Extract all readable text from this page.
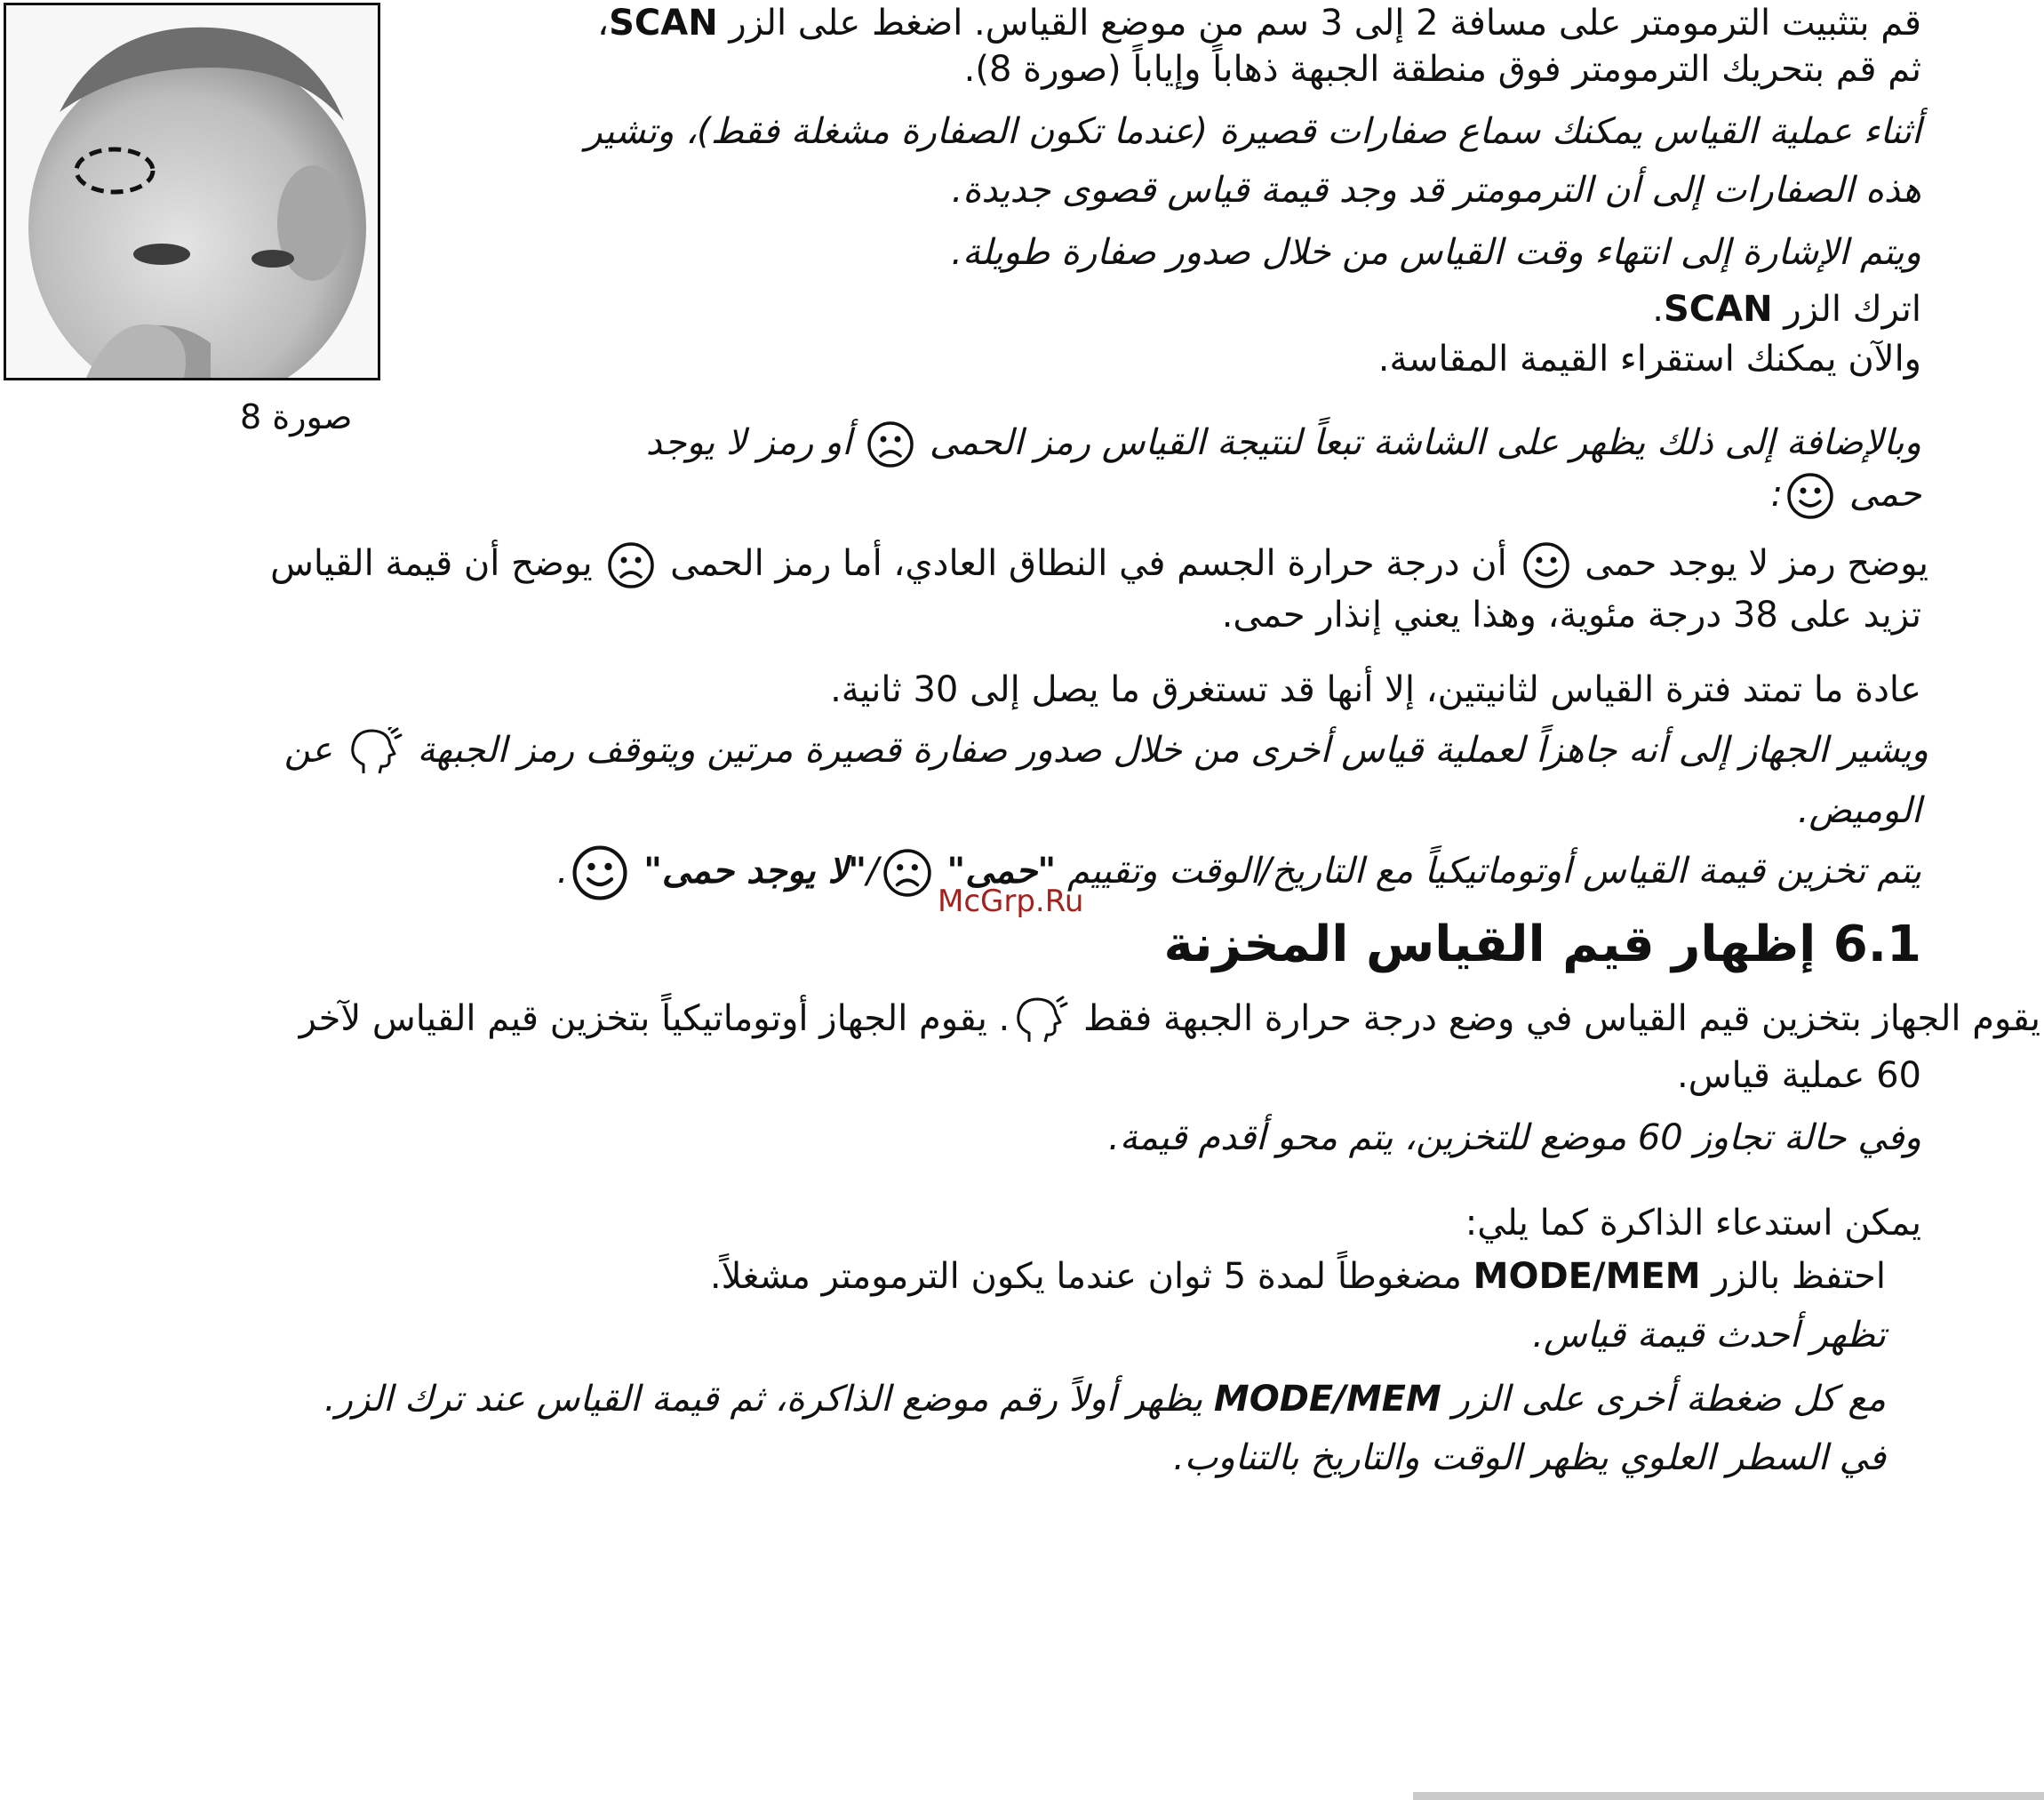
صورة 8
قم بتثبيت الترمومتر على مسافة 2 إلى 3 سم من موضع القياس. اضغط على الزر SCAN،
ثم قم بتحريك الترمومتر فوق منطقة الجبهة ذهاباً وإياباً (صورة 8).
أثناء عملية القياس يمكنك سماع صفارات قصيرة (عندما تكون الصفارة مشغلة فقط)، وتشير
هذه الصفارات إلى أن الترمومتر قد وجد قيمة قياس قصوى جديدة.
ويتم الإشارة إلى انتهاء وقت القياس من خلال صدور صفارة طويلة.
اترك الزر SCAN.
والآن يمكنك استقراء القيمة المقاسة.
وبالإضافة إلى ذلك يظهر على الشاشة تبعاً لنتيجة القياس رمز الحمى  أو رمز لا يوجد
حمى :
يوضح رمز لا يوجد حمى  أن درجة حرارة الجسم في النطاق العادي، أما رمز الحمى  يوضح أن قيمة القياس
تزيد على 38 درجة مئوية، وهذا يعني إنذار حمى.
عادة ما تمتد فترة القياس لثانيتين، إلا أنها قد تستغرق ما يصل إلى 30 ثانية.
ويشير الجهاز إلى أنه جاهزاً لعملية قياس أخرى من خلال صدور صفارة قصيرة مرتين ويتوقف رمز الجبهة  عن
الوميض.
يتم تخزين قيمة القياس أوتوماتيكياً مع التاريخ/الوقت وتقييم "حمى" /"لا يوجد حمى" .
McGrp.Ru
6.1 إظهار قيم القياس المخزنة
يقوم الجهاز بتخزين قيم القياس في وضع درجة حرارة الجبهة فقط . يقوم الجهاز أوتوماتيكياً بتخزين قيم القياس لآخر
60 عملية قياس.
وفي حالة تجاوز 60 موضع للتخزين، يتم محو أقدم قيمة.
يمكن استدعاء الذاكرة كما يلي:
احتفظ بالزر MODE/MEM مضغوطاً لمدة 5 ثوان عندما يكون الترمومتر مشغلاً.
تظهر أحدث قيمة قياس.
مع كل ضغطة أخرى على الزر MODE/MEM يظهر أولاً رقم موضع الذاكرة، ثم قيمة القياس عند ترك الزر.
في السطر العلوي يظهر الوقت والتاريخ بالتناوب.
